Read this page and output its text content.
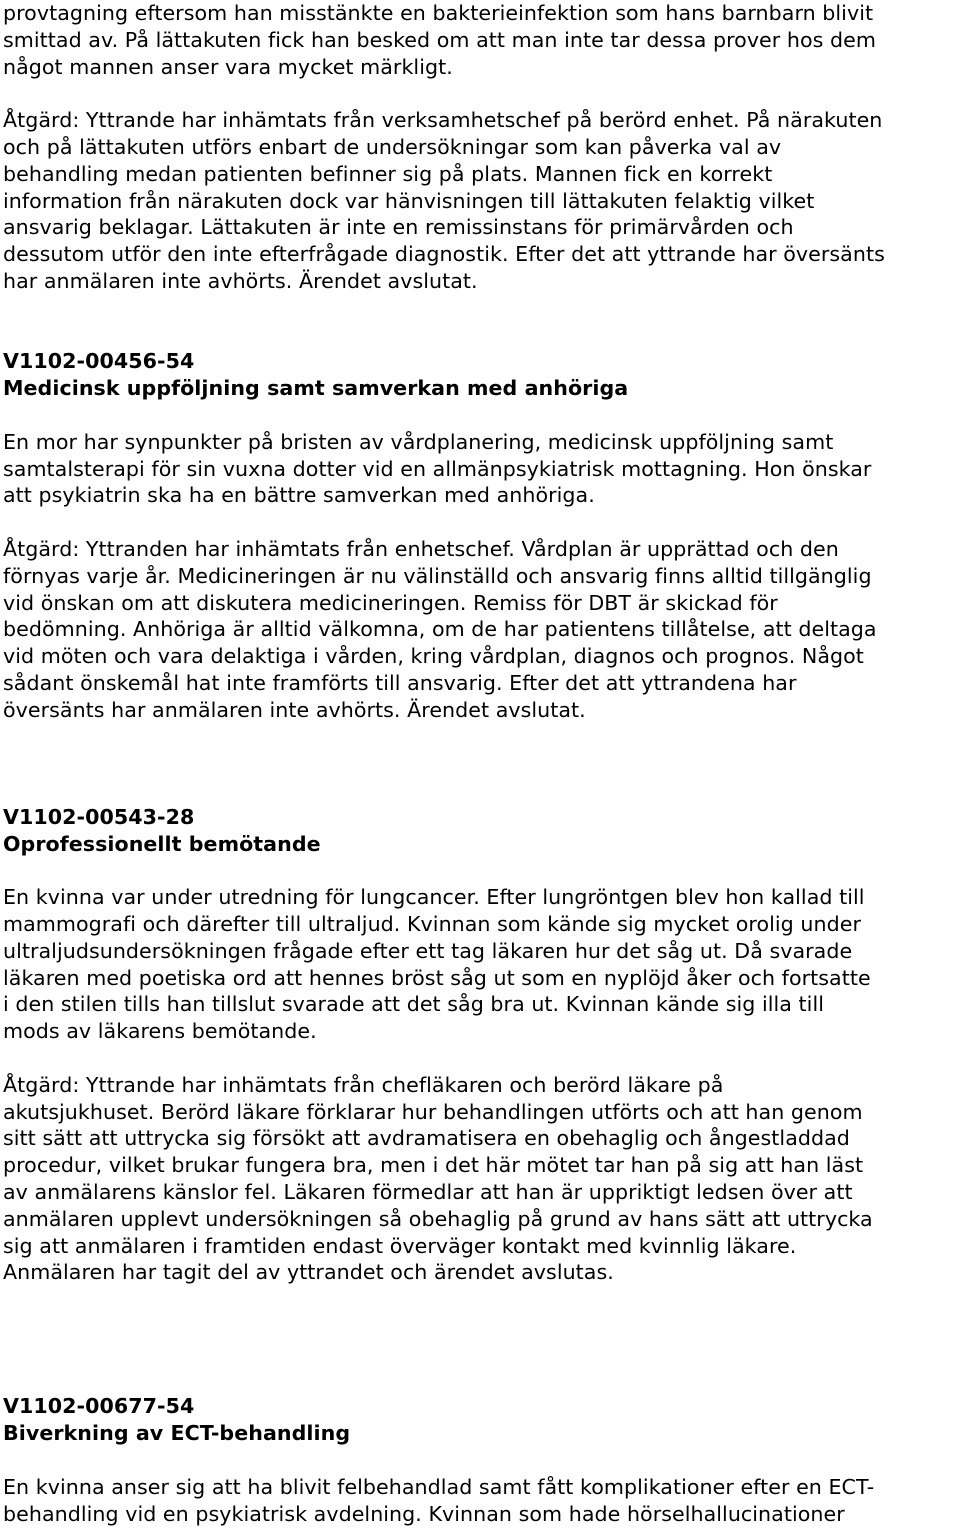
provtagning eftersom han misstänkte en bakterieinfektion som hans barnbarn blivit
smittad av. På lättakuten fick han besked om att man inte tar dessa prover hos dem
något mannen anser vara mycket märkligt.
Åtgärd: Yttrande har inhämtats från verksamhetschef på berörd enhet. På närakuten
och på lättakuten utförs enbart de undersökningar som kan påverka val av
behandling medan patienten befinner sig på plats. Mannen fick en korrekt
information från närakuten dock var hänvisningen till lättakuten felaktig vilket
ansvarig beklagar. Lättakuten är inte en remissinstans för primärvården och
dessutom utför den inte efterfrågade diagnostik. Efter det att yttrande har översänts
har anmälaren inte avhörts. Ärendet avslutat.
V1102-00456-54
Medicinsk uppföljning samt samverkan med anhöriga
En mor har synpunkter på bristen av vårdplanering, medicinsk uppföljning samt
samtalsterapi för sin vuxna dotter vid en allmänpsykiatrisk mottagning. Hon önskar
att psykiatrin ska ha en bättre samverkan med anhöriga.
Åtgärd: Yttranden har inhämtats från enhetschef. Vårdplan är upprättad och den
förnyas varje år. Medicineringen är nu välinställd och ansvarig finns alltid tillgänglig
vid önskan om att diskutera medicineringen. Remiss för DBT är skickad för
bedömning. Anhöriga är alltid välkomna, om de har patientens tillåtelse, att deltaga
vid möten och vara delaktiga i vården, kring vårdplan, diagnos och prognos. Något
sådant önskemål hat inte framförts till ansvarig. Efter det att yttrandena har
översänts har anmälaren inte avhörts. Ärendet avslutat.
V1102-00543-28
Oprofessionellt bemötande
En kvinna var under utredning för lungcancer. Efter lungröntgen blev hon kallad till
mammografi och därefter till ultraljud. Kvinnan som kände sig mycket orolig under
ultraljudsundersökningen frågade efter ett tag läkaren hur det såg ut. Då svarade
läkaren med poetiska ord att hennes bröst såg ut som en nyplöjd åker och fortsatte
i den stilen tills han tillslut svarade att det såg bra ut. Kvinnan kände sig illa till
mods av läkarens bemötande.
Åtgärd: Yttrande har inhämtats från chefläkaren och berörd läkare på
akutsjukhuset. Berörd läkare förklarar hur behandlingen utförts och att han genom
sitt sätt att uttrycka sig försökt att avdramatisera en obehaglig och ångestladdad
procedur, vilket brukar fungera bra, men i det här mötet tar han på sig att han läst
av anmälarens känslor fel. Läkaren förmedlar att han är uppriktigt ledsen över att
anmälaren upplevt undersökningen så obehaglig på grund av hans sätt att uttrycka
sig att anmälaren i framtiden endast överväger kontakt med kvinnlig läkare.
Anmälaren har tagit del av yttrandet och ärendet avslutas.
V1102-00677-54
Biverkning av ECT-behandling
En kvinna anser sig att ha blivit felbehandlad samt fått komplikationer efter en ECT-
behandling vid en psykiatrisk avdelning. Kvinnan som hade hörselhallucinationer
